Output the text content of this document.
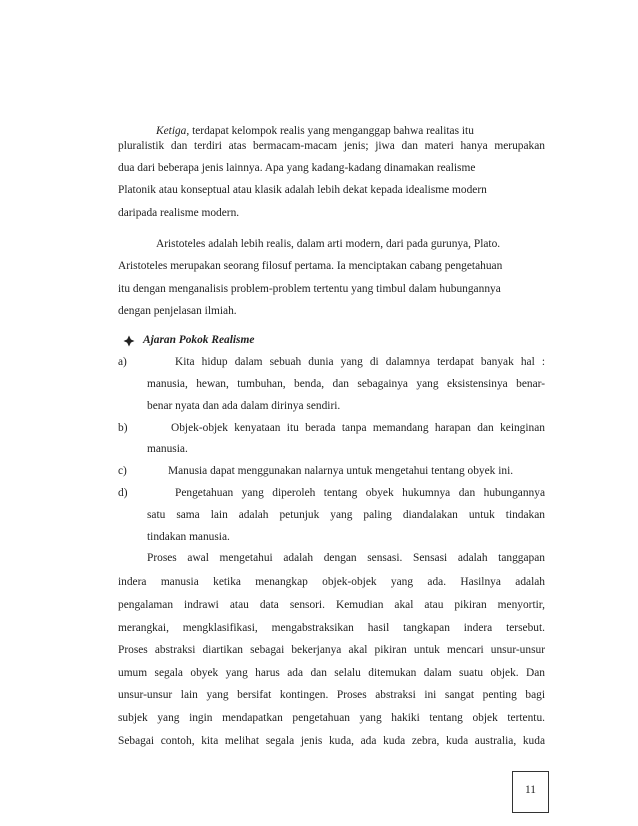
Ketiga, terdapat kelompok realis yang menganggap bahwa realitas itu
pluralistik dan terdiri atas bermacam-macam jenis; jiwa dan materi hanya merupakan
dua dari beberapa jenis lainnya. Apa yang kadang-kadang dinamakan realisme
Platonik atau konseptual atau klasik adalah lebih dekat kepada idealisme modern
daripada realisme modern.
Aristoteles adalah lebih realis, dalam arti modern, dari pada gurunya, Plato.
Aristoteles merupakan seorang filosuf pertama. Ia menciptakan cabang pengetahuan
itu dengan menganalisis problem-problem tertentu yang timbul dalam hubungannya
dengan penjelasan ilmiah.
Ajaran Pokok Realisme
a)	Kita hidup dalam sebuah dunia yang di dalamnya terdapat banyak hal :
manusia, hewan, tumbuhan, benda, dan sebagainya yang eksistensinya benar-
benar nyata dan ada dalam dirinya sendiri.
b)	Objek-objek kenyataan itu berada tanpa memandang harapan dan keinginan
manusia.
c)	Manusia dapat menggunakan nalarnya untuk mengetahui tentang obyek ini.
d)	Pengetahuan yang diperoleh tentang obyek hukumnya dan hubungannya
satu sama lain adalah petunjuk yang paling diandalakan untuk tindakan
tindakan manusia.
Proses awal mengetahui adalah dengan sensasi. Sensasi adalah tanggapan
indera manusia ketika menangkap objek-objek yang ada. Hasilnya adalah
pengalaman indrawi atau data sensori. Kemudian akal atau pikiran menyortir,
merangkai, mengklasifikasi, mengabstraksikan hasil tangkapan indera tersebut.
Proses abstraksi diartikan sebagai bekerjanya akal pikiran untuk mencari unsur-unsur
umum segala obyek yang harus ada dan selalu ditemukan dalam suatu objek. Dan
unsur-unsur lain yang bersifat kontingen. Proses abstraksi ini sangat penting bagi
subjek yang ingin mendapatkan pengetahuan yang hakiki tentang objek tertentu.
Sebagai contoh, kita melihat segala jenis kuda, ada kuda zebra, kuda australia, kuda
11
